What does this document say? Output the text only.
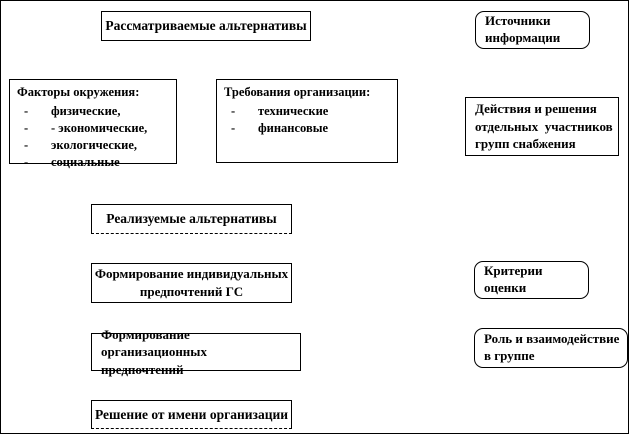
Рассматриваемые альтернативы	Источники
информации
Факторы окружения:
-	физические,
-	- экономические,
-	экологические,
-	социальные
Требования организации:
-	технические
-	финансовые
Действия и решения
отдельных  участников
групп снабжения
Реализуемые альтернативы
Формирование индивидуальных
предпочтений ГС
Критерии
оценки
Формирование организационных
предпочтений
Роль и взаимодействие
в группе
Решение от имени организации
